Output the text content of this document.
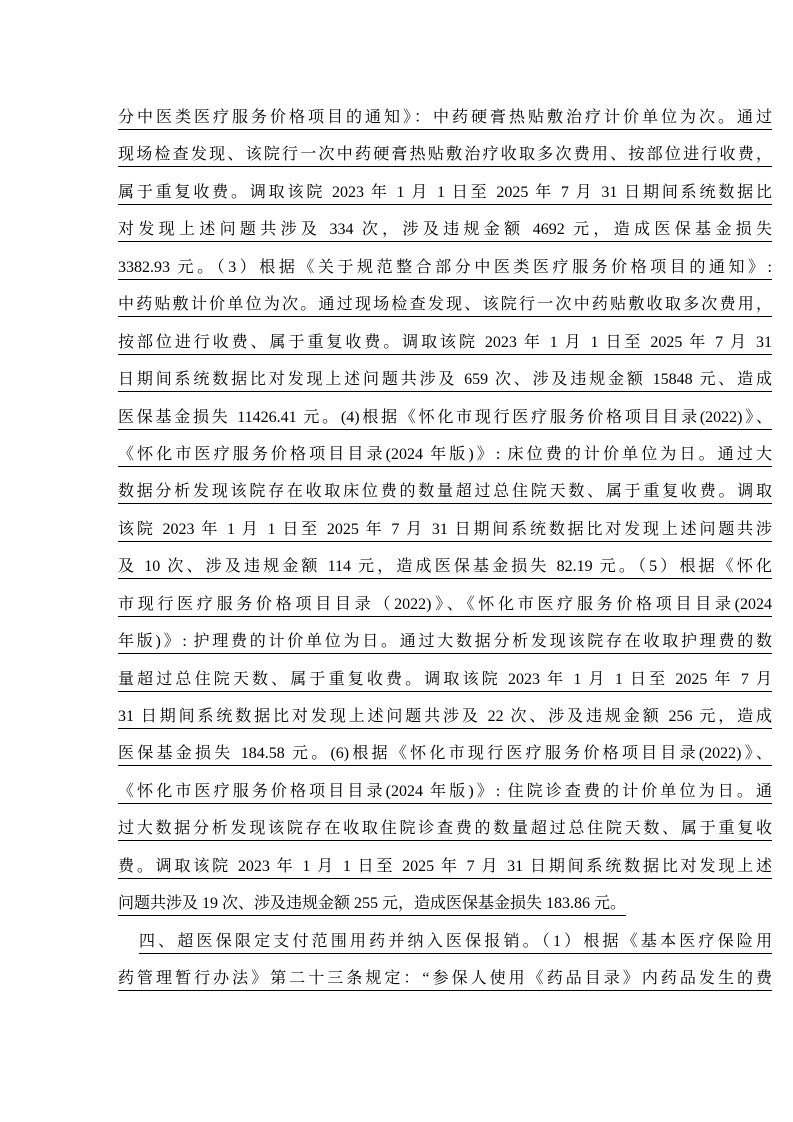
分中医类医疗服务价格项目的通知》：中药硬膏热贴敷治疗计价单位为次。通过
现场检查发现、该院行一次中药硬膏热贴敷治疗收取多次费用、按部位进行收费，
属于重复收费。调取该院 2023 年 1 月 1 日至 2025 年 7 月 31 日期间系统数据比
对发现上述问题共涉及 334 次，涉及违规金额 4692 元，造成医保基金损失
3382.93 元。（3）根据《关于规范整合部分中医类医疗服务价格项目的通知》:
中药贴敷计价单位为次。通过现场检查发现、该院行一次中药贴敷收取多次费用，
按部位进行收费、属于重复收费。调取该院 2023 年 1 月 1 日至 2025 年 7 月 31
日期间系统数据比对发现上述问题共涉及 659 次、涉及违规金额 15848 元、造成
医保基金损失 11426.41 元。(4)根据《怀化市现行医疗服务价格项目目录(2022)》、
《怀化市医疗服务价格项目目录(2024 年版)》: 床位费的计价单位为日。通过大
数据分析发现该院存在收取床位费的数量超过总住院天数、属于重复收费。调取
该院 2023 年 1 月 1 日至 2025 年 7 月 31 日期间系统数据比对发现上述问题共涉
及 10 次、涉及违规金额 114 元，造成医保基金损失 82.19 元。（5）根据《怀化
市现行医疗服务价格项目目录（2022)》、《怀化市医疗服务价格项目目录(2024
年版)》: 护理费的计价单位为日。通过大数据分析发现该院存在收取护理费的数
量超过总住院天数、属于重复收费。调取该院 2023 年 1 月 1 日至 2025 年 7 月
31 日期间系统数据比对发现上述问题共涉及 22 次、涉及违规金额 256 元，造成
医保基金损失 184.58 元。(6)根据《怀化市现行医疗服务价格项目目录(2022)》、
《怀化市医疗服务价格项目目录(2024 年版)》: 住院诊查费的计价单位为日。通
过大数据分析发现该院存在收取住院诊查费的数量超过总住院天数、属于重复收
费。调取该院 2023 年 1 月 1 日至 2025 年 7 月 31 日期间系统数据比对发现上述
问题共涉及 19 次、涉及违规金额 255 元，造成医保基金损失 183.86 元。
四、超医保限定支付范围用药并纳入医保报销。（1）根据《基本医疗保险用
药管理暂行办法》第二十三条规定：“参保人使用《药品目录》内药品发生的费
